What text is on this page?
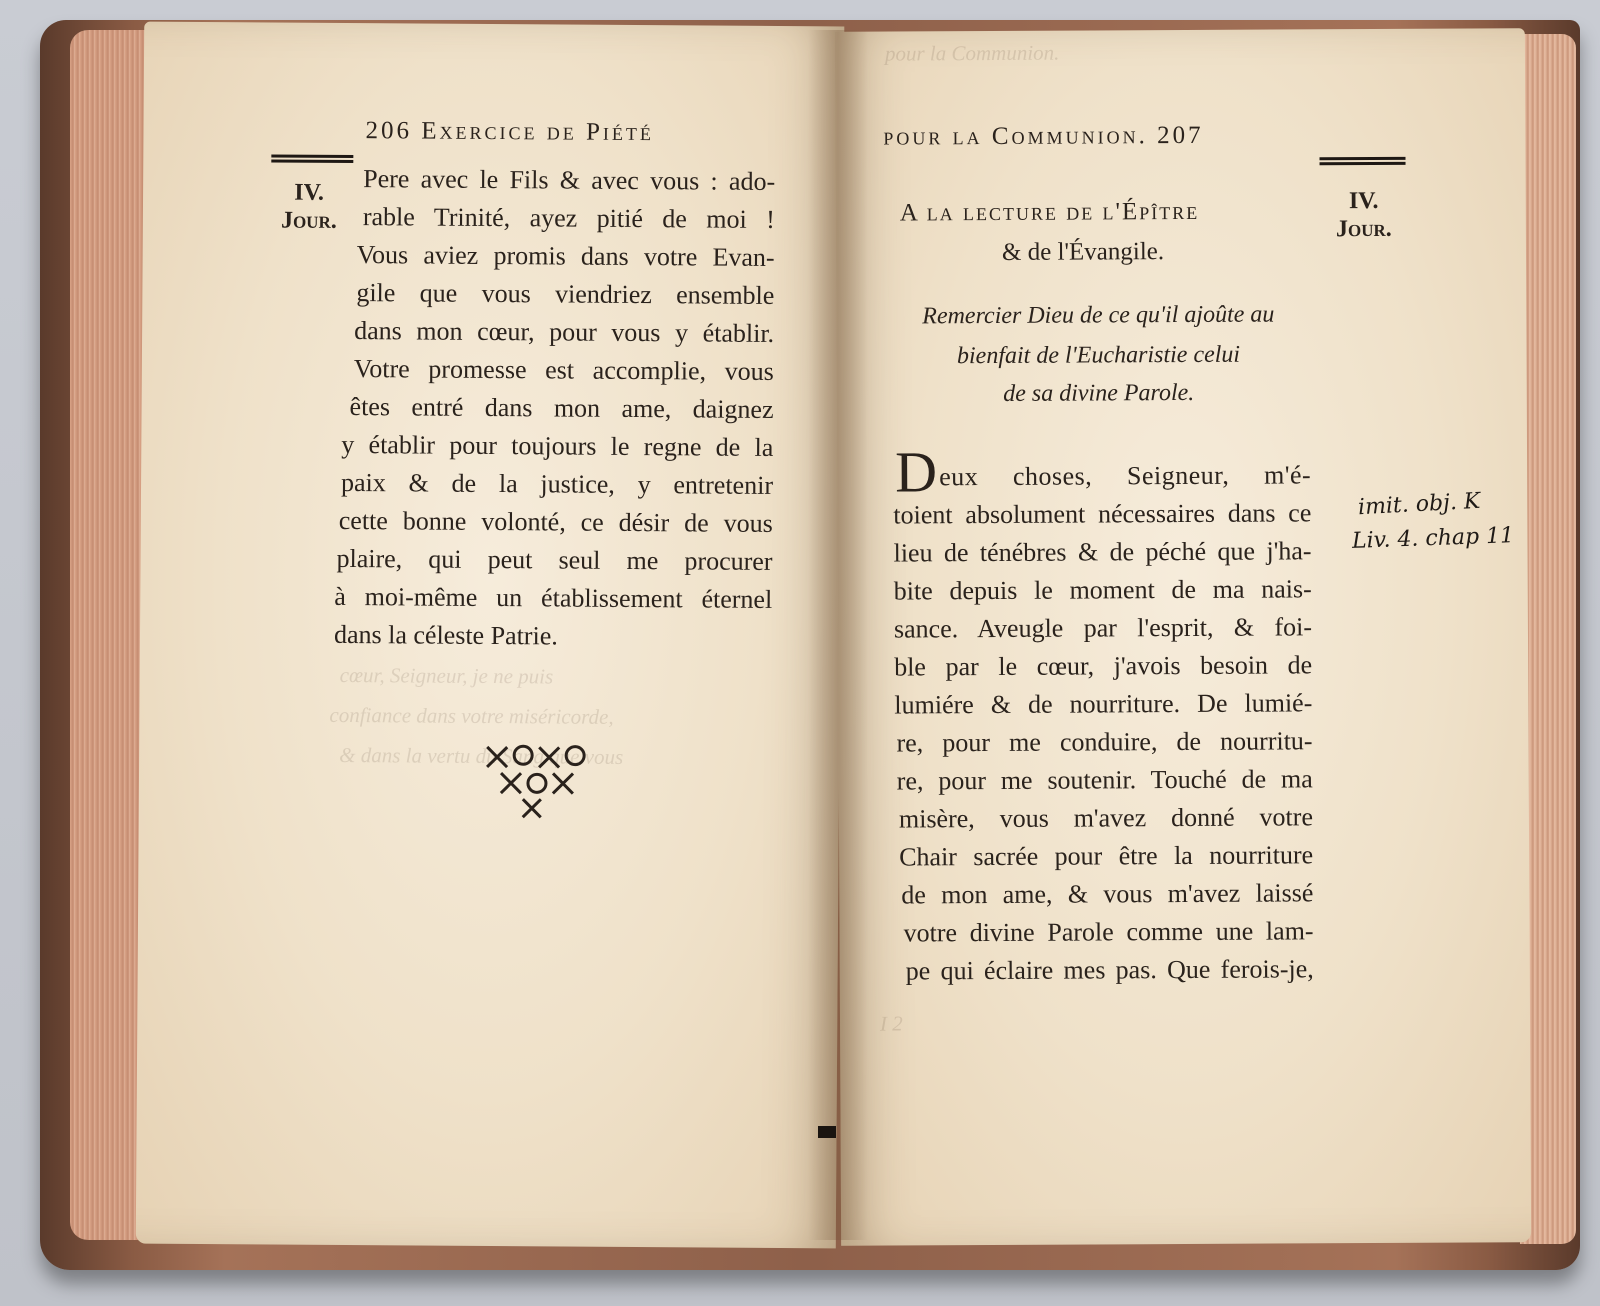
cœur, Seigneur, je ne puis
confiance dans votre miséricorde,
& dans la vertu du Sang que vous
206 Exercice de Piété
IV.
Jour.
Pere avec le Fils & avec vous : ado-
rable Trinité, ayez pitié de moi !
Vous aviez promis dans votre Evan-
gile que vous viendriez ensemble
dans mon cœur, pour vous y établir.
Votre promesse est accomplie, vous
êtes entré dans mon ame, daignez
y établir pour toujours le regne de la
paix & de la justice, y entretenir
cette bonne volonté, ce désir de vous
plaire, qui peut seul me procurer
à moi-même un établissement éternel
dans la céleste Patrie.
pour la Communion.
I 2
pour la Communion. 207
IV.
Jour.
A la lecture de l'Épître
& de l'Évangile.
Remercier Dieu de ce qu'il ajoûte au
bienfait de l'Eucharistie celui
de sa divine Parole.
D eux choses, Seigneur, m'é-
toient absolument nécessaires dans ce
lieu de ténébres & de péché que j'ha-
bite depuis le moment de ma nais-
sance. Aveugle par l'esprit, & foi-
ble par le cœur, j'avois besoin de
lumiére & de nourriture. De lumié-
re, pour me conduire, de nourritu-
re, pour me soutenir. Touché de ma
misère, vous m'avez donné votre
Chair sacrée pour être la nourriture
de mon ame, & vous m'avez laissé
votre divine Parole comme une lam-
pe qui éclaire mes pas. Que ferois-je,
imit. obj. K
Liv. 4. chap 11
